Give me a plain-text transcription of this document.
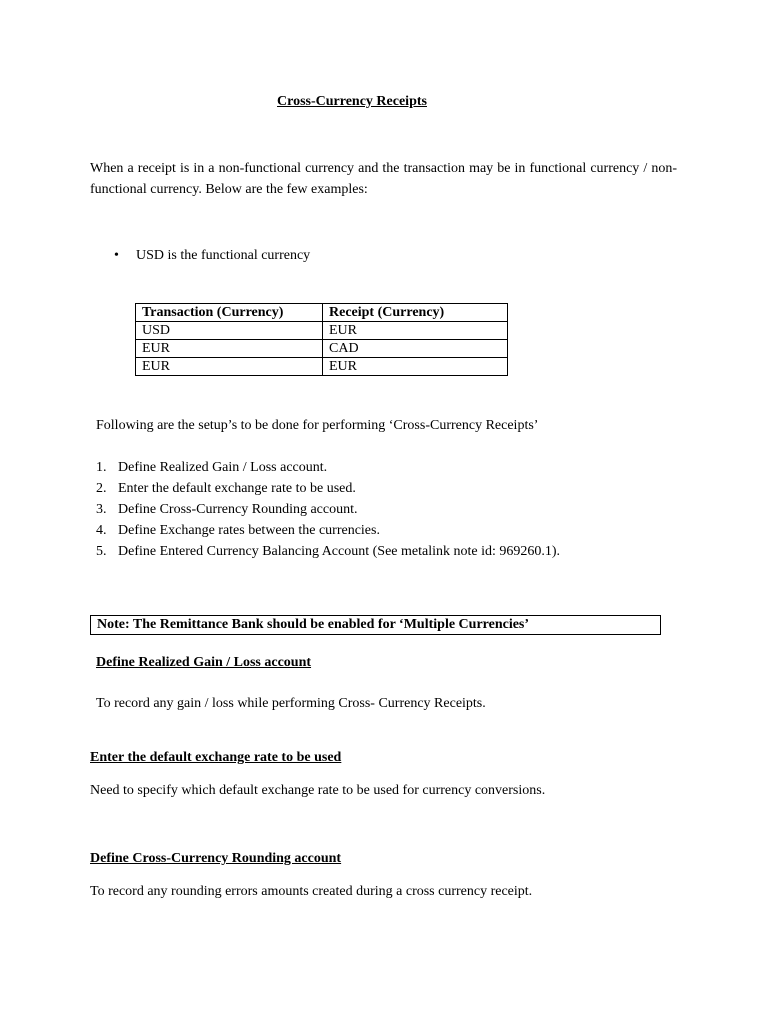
Cross-Currency Receipts
When a receipt is in a non-functional currency and the transaction may be in functional currency / non-functional currency. Below are the few examples:
• USD is the functional currency
Transaction (Currency)	Receipt (Currency)
USD	EUR
EUR	CAD
EUR	EUR
Following are the setup’s to be done for performing ‘Cross-Currency Receipts’
1. Define Realized Gain / Loss account.
2. Enter the default exchange rate to be used.
3. Define Cross-Currency Rounding account.
4. Define Exchange rates between the currencies.
5. Define Entered Currency Balancing Account (See metalink note id: 969260.1).
Note: The Remittance Bank should be enabled for ‘Multiple Currencies’
Define Realized Gain / Loss account
To record any gain / loss while performing Cross- Currency Receipts.
Enter the default exchange rate to be used
Need to specify which default exchange rate to be used for currency conversions.
Define Cross-Currency Rounding account
To record any rounding errors amounts created during a cross currency receipt.
